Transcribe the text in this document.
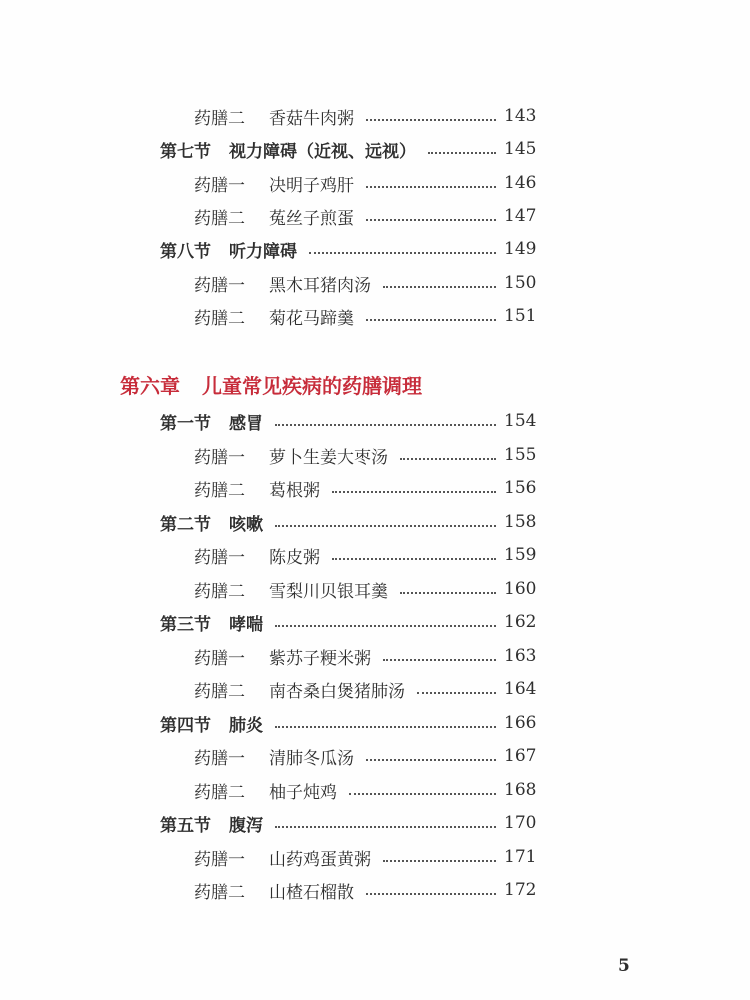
药膳二 香菇牛肉粥	143
第七节 视力障碍（近视、远视）	145
药膳一 决明子鸡肝	146
药膳二 菟丝子煎蛋	147
第八节 听力障碍	149
药膳一 黑木耳猪肉汤	150
药膳二 菊花马蹄羹	151
第六章 儿童常见疾病的药膳调理
第一节 感冒	154
药膳一 萝卜生姜大枣汤	155
药膳二 葛根粥	156
第二节 咳嗽	158
药膳一 陈皮粥	159
药膳二 雪梨川贝银耳羹	160
第三节 哮喘	162
药膳一 紫苏子粳米粥	163
药膳二 南杏桑白煲猪肺汤	164
第四节 肺炎	166
药膳一 清肺冬瓜汤	167
药膳二 柚子炖鸡	168
第五节 腹泻	170
药膳一 山药鸡蛋黄粥	171
药膳二 山楂石榴散	172
5
